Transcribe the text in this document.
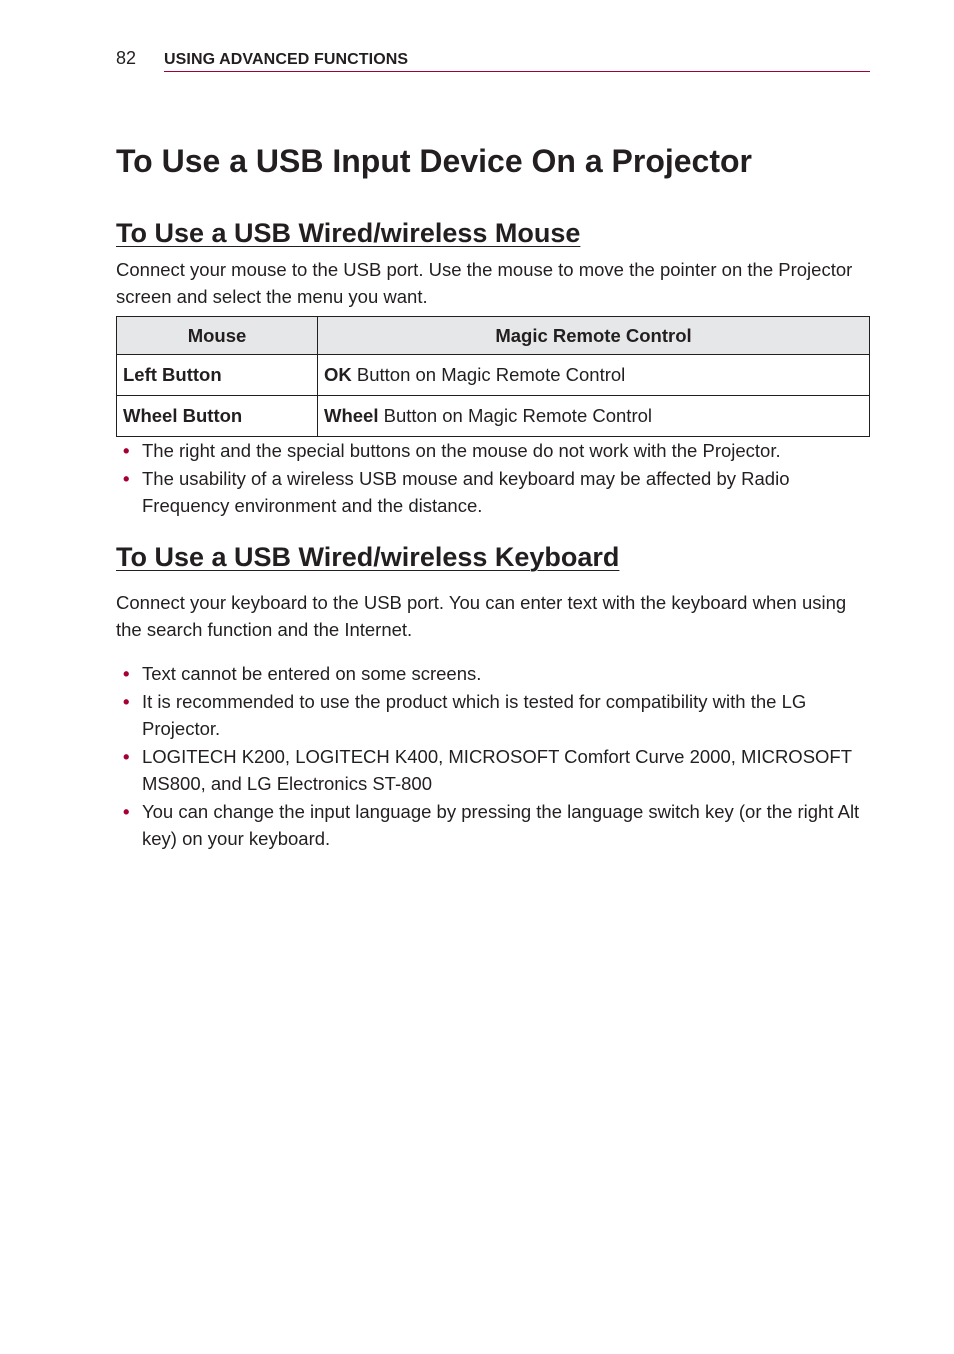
82 USING ADVANCED FUNCTIONS
To Use a USB Input Device On a Projector
To Use a USB Wired/wireless Mouse

Connect your mouse to the USB port. Use the mouse to move the pointer on the Projector screen and select the menu you want.

Mouse	Magic Remote Control
Left Button	OK Button on Magic Remote Control
Wheel Button	Wheel Button on Magic Remote Control
• The right and the special buttons on the mouse do not work with the Projector.
• The usability of a wireless USB mouse and keyboard may be affected by Radio Frequency environment and the distance.
To Use a USB Wired/wireless Keyboard

Connect your keyboard to the USB port. You can enter text with the keyboard when using the search function and the Internet.

• Text cannot be entered on some screens.
• It is recommended to use the product which is tested for compatibility with the LG Projector.
• LOGITECH K200, LOGITECH K400, MICROSOFT Comfort Curve 2000, MICROSOFT MS800, and LG Electronics ST-800
• You can change the input language by pressing the language switch key (or the right Alt key) on your keyboard.
